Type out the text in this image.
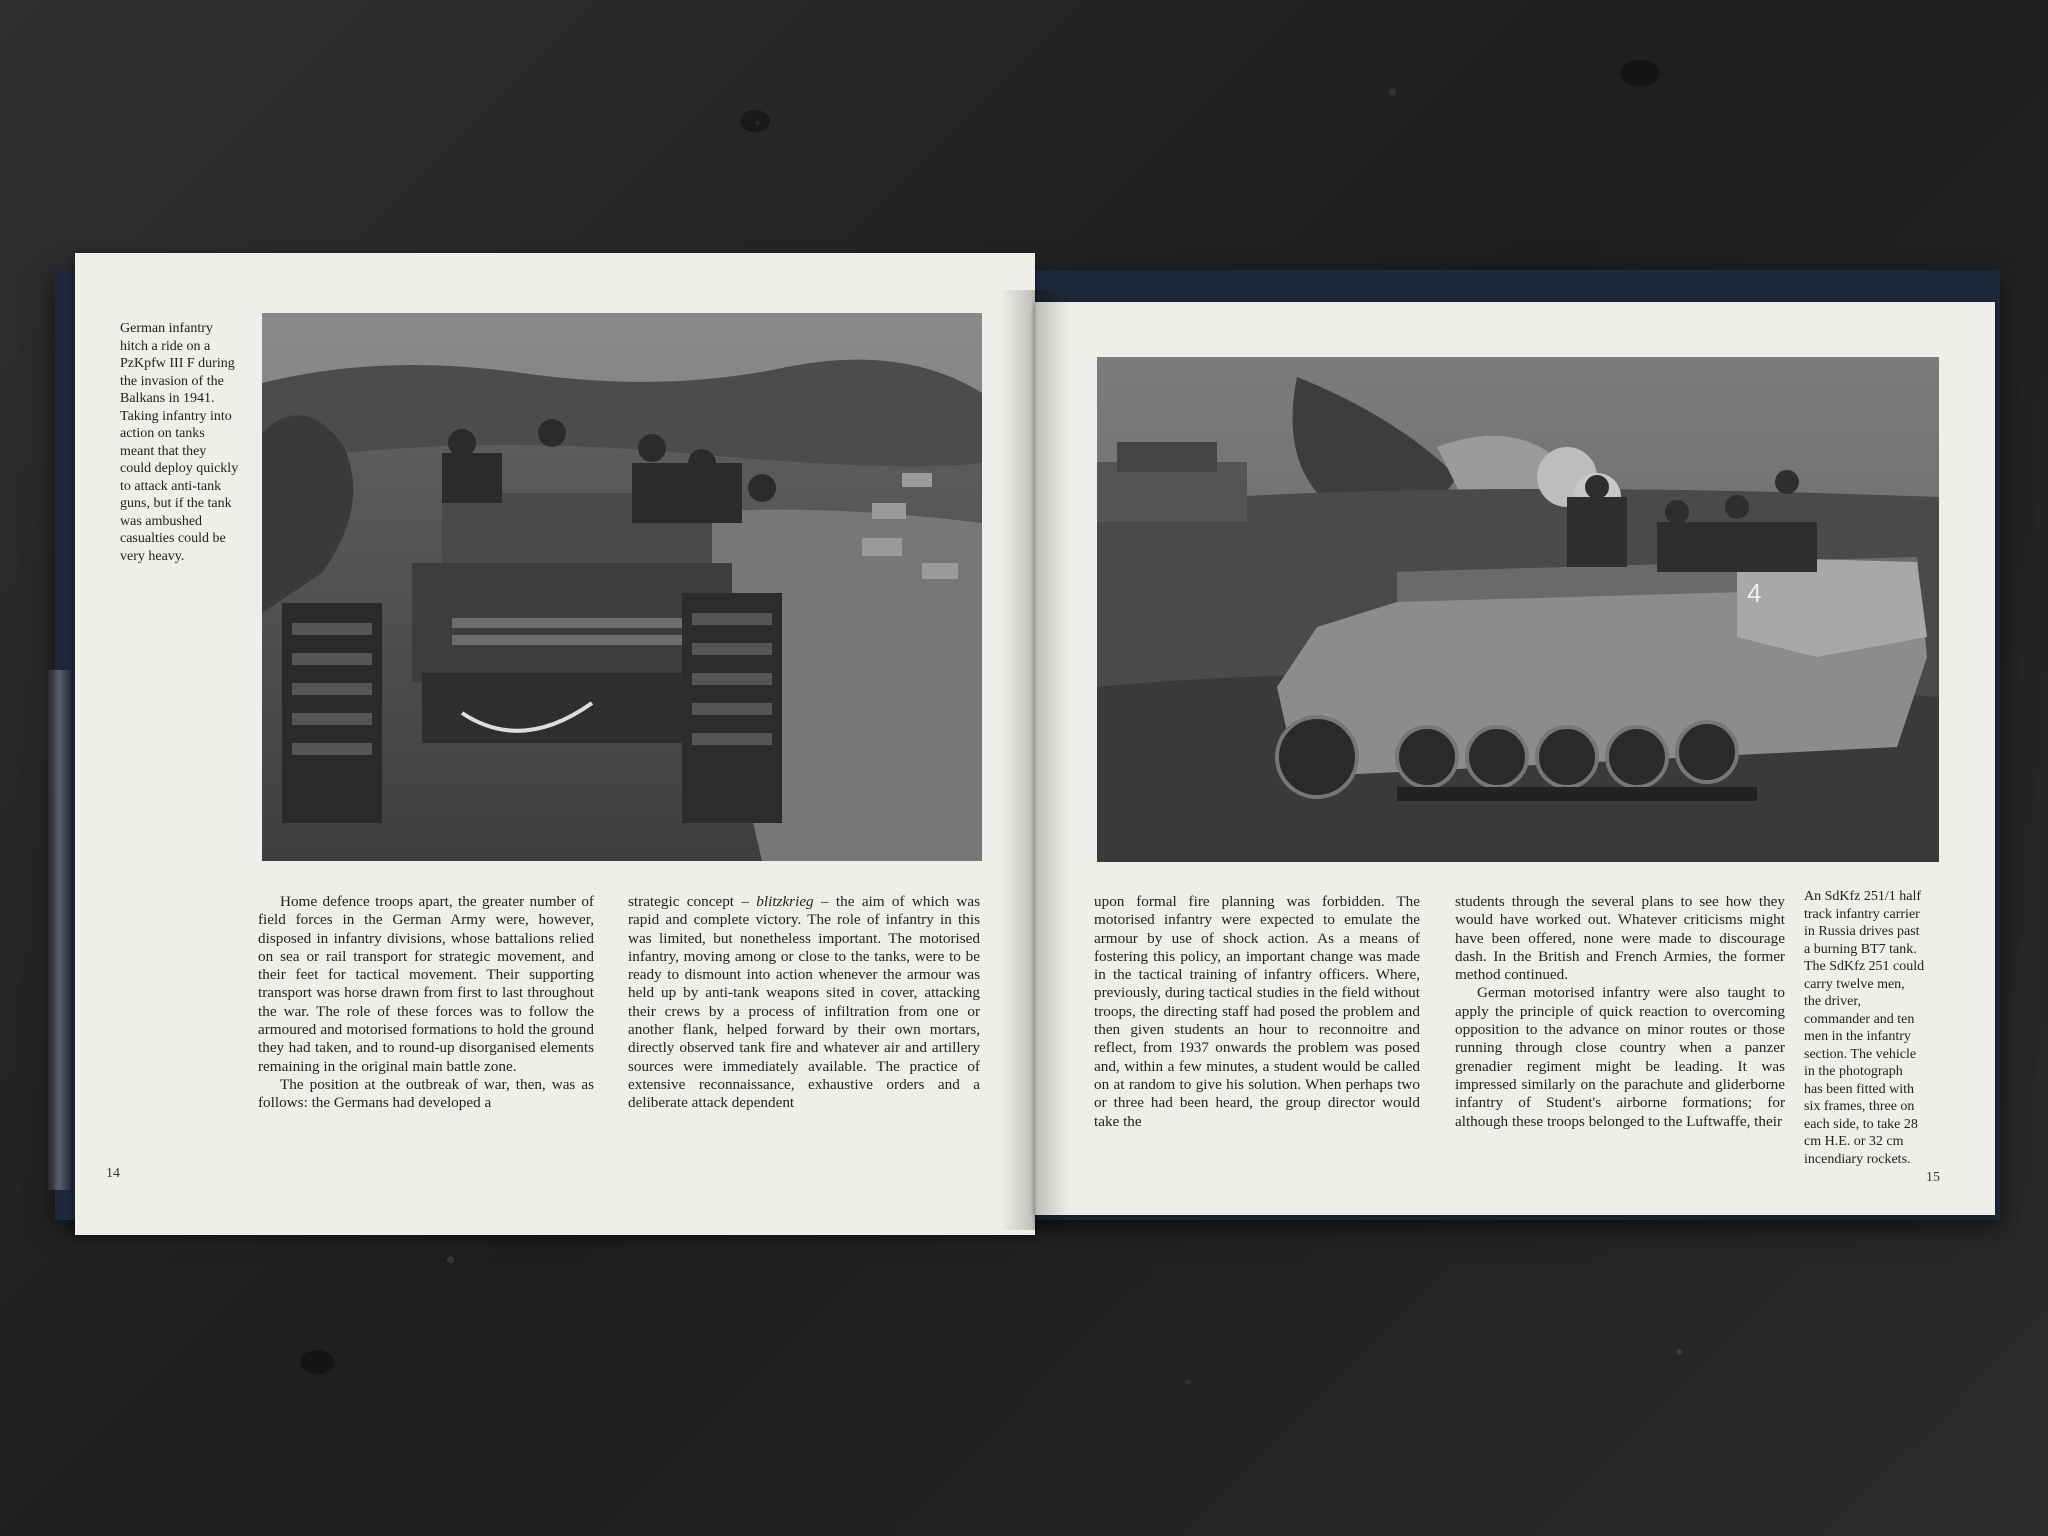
4
German infantry
hitch a ride on a
PzKpfw III F during
the invasion of the
Balkans in 1941.
Taking infantry into
action on tanks
meant that they
could deploy quickly
to attack anti-tank
guns, but if the tank
was ambushed
casualties could be
very heavy.

Home defence troops apart, the greater number of field forces in the German Army were, however, disposed in infantry divisions, whose battalions relied on sea or rail transport for strategic movement, and their feet for tactical movement. Their supporting transport was horse drawn from first to last throughout the war. The role of these forces was to follow the armoured and motorised formations to hold the ground they had taken, and to round-up disorganised elements remaining in the original main battle zone.

The position at the outbreak of war, then, was as follows: the Germans had developed a

strategic concept – blitzkrieg – the aim of which was rapid and complete victory. The role of infantry in this was limited, but nonetheless important. The motorised infantry, moving among or close to the tanks, were to be ready to dismount into action whenever the armour was held up by anti-tank weapons sited in cover, attacking their crews by a process of infiltration from one or another flank, helped forward by their own mortars, directly observed tank fire and whatever air and artillery sources were immediately available. The practice of extensive reconnaissance, exhaustive orders and a deliberate attack dependent

14

upon formal fire planning was forbidden. The motorised infantry were expected to emulate the armour by use of shock action. As a means of fostering this policy, an important change was made in the tactical training of infantry officers. Where, previously, during tactical studies in the field without troops, the directing staff had posed the problem and then given students an hour to reconnoitre and reflect, from 1937 onwards the problem was posed and, within a few minutes, a student would be called on at random to give his solution. When perhaps two or three had been heard, the group director would take the

students through the several plans to see how they would have worked out. Whatever criticisms might have been offered, none were made to discourage dash. In the British and French Armies, the former method continued.

German motorised infantry were also taught to apply the principle of quick reaction to overcoming opposition to the advance on minor routes or those running through close country when a panzer grenadier regiment might be leading. It was impressed similarly on the parachute and gliderborne infantry of Student's airborne formations; for although these troops belonged to the Luftwaffe, their

An SdKfz 251/1 half
track infantry carrier
in Russia drives past
a burning BT7 tank.
The SdKfz 251 could
carry twelve men,
the driver,
commander and ten
men in the infantry
section. The vehicle
in the photograph
has been fitted with
six frames, three on
each side, to take 28
cm H.E. or 32 cm
incendiary rockets.
15
